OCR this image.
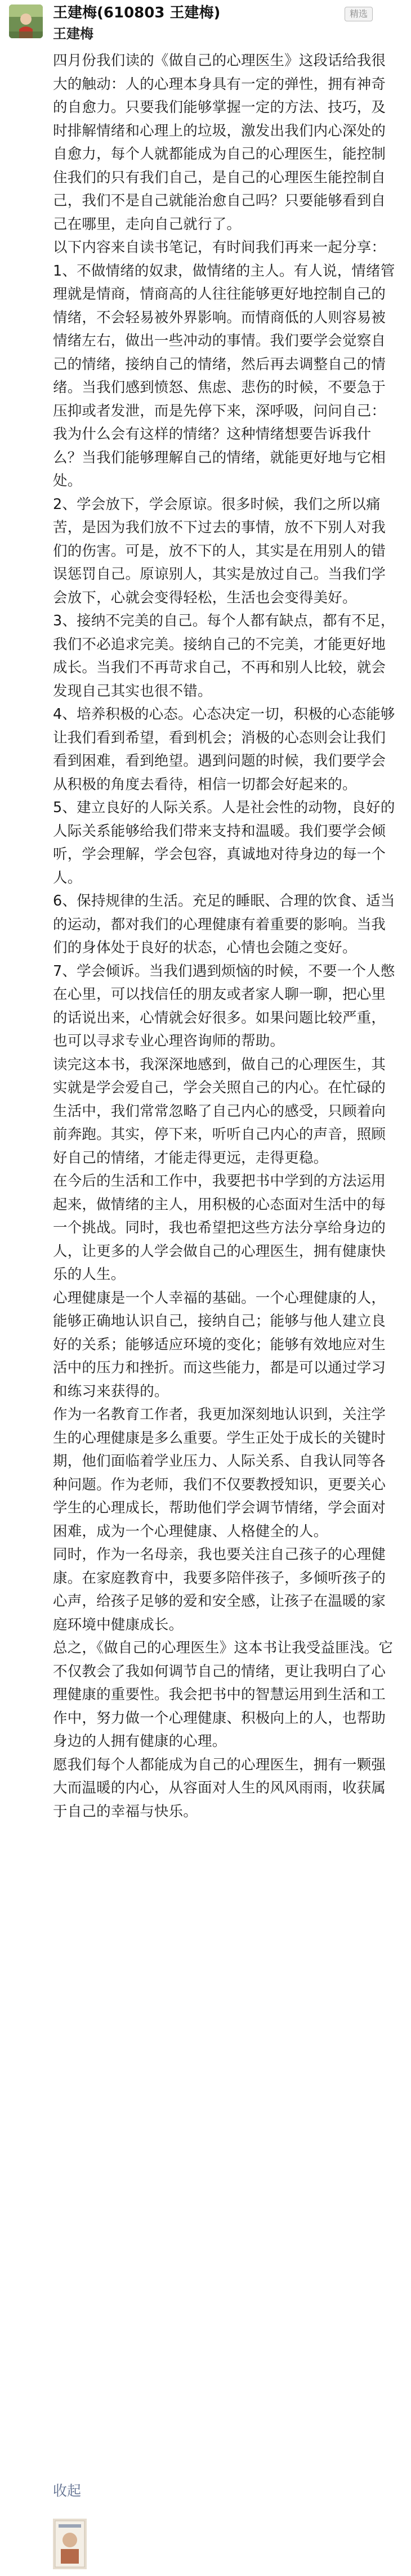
王建梅(610803 王建梅)	精选
王建梅
四月份我们读的《做自己的心理医生》这段话给我很大的触动：人的心理本身具有一定的弹性，拥有神奇的自愈力。只要我们能够掌握一定的方法、技巧，及时排解情绪和心理上的垃圾，激发出我们内心深处的自愈力，每个人就都能成为自己的心理医生，能控制住我们的只有我们自己，是自己的心理医生能控制自己，我们不是自己就能治愈自己吗？只要能够看到自己在哪里，走向自己就行了。
以下内容来自读书笔记，有时间我们再来一起分享：
1、不做情绪的奴隶，做情绪的主人。有人说，情绪管理就是情商，情商高的人往往能够更好地控制自己的情绪，不会轻易被外界影响。而情商低的人则容易被情绪左右，做出一些冲动的事情。我们要学会觉察自己的情绪，接纳自己的情绪，然后再去调整自己的情绪。当我们感到愤怒、焦虑、悲伤的时候，不要急于压抑或者发泄，而是先停下来，深呼吸，问问自己：我为什么会有这样的情绪？这种情绪想要告诉我什么？当我们能够理解自己的情绪，就能更好地与它相处。
2、学会放下，学会原谅。很多时候，我们之所以痛苦，是因为我们放不下过去的事情，放不下别人对我们的伤害。可是，放不下的人，其实是在用别人的错误惩罚自己。原谅别人，其实是放过自己。当我们学会放下，心就会变得轻松，生活也会变得美好。
3、接纳不完美的自己。每个人都有缺点，都有不足，我们不必追求完美。接纳自己的不完美，才能更好地成长。当我们不再苛求自己，不再和别人比较，就会发现自己其实也很不错。
4、培养积极的心态。心态决定一切，积极的心态能够让我们看到希望，看到机会；消极的心态则会让我们看到困难，看到绝望。遇到问题的时候，我们要学会从积极的角度去看待，相信一切都会好起来的。
5、建立良好的人际关系。人是社会性的动物，良好的人际关系能够给我们带来支持和温暖。我们要学会倾听，学会理解，学会包容，真诚地对待身边的每一个人。
6、保持规律的生活。充足的睡眠、合理的饮食、适当的运动，都对我们的心理健康有着重要的影响。当我们的身体处于良好的状态，心情也会随之变好。
7、学会倾诉。当我们遇到烦恼的时候，不要一个人憋在心里，可以找信任的朋友或者家人聊一聊，把心里的话说出来，心情就会好很多。如果问题比较严重，也可以寻求专业心理咨询师的帮助。
读完这本书，我深深地感到，做自己的心理医生，其实就是学会爱自己，学会关照自己的内心。在忙碌的生活中，我们常常忽略了自己内心的感受，只顾着向前奔跑。其实，停下来，听听自己内心的声音，照顾好自己的情绪，才能走得更远，走得更稳。
在今后的生活和工作中，我要把书中学到的方法运用起来，做情绪的主人，用积极的心态面对生活中的每一个挑战。同时，我也希望把这些方法分享给身边的人，让更多的人学会做自己的心理医生，拥有健康快乐的人生。
心理健康是一个人幸福的基础。一个心理健康的人，能够正确地认识自己，接纳自己；能够与他人建立良好的关系；能够适应环境的变化；能够有效地应对生活中的压力和挫折。而这些能力，都是可以通过学习和练习来获得的。
作为一名教育工作者，我更加深刻地认识到，关注学生的心理健康是多么重要。学生正处于成长的关键时期，他们面临着学业压力、人际关系、自我认同等各种问题。作为老师，我们不仅要教授知识，更要关心学生的心理成长，帮助他们学会调节情绪，学会面对困难，成为一个心理健康、人格健全的人。
同时，作为一名母亲，我也要关注自己孩子的心理健康。在家庭教育中，我要多陪伴孩子，多倾听孩子的心声，给孩子足够的爱和安全感，让孩子在温暖的家庭环境中健康成长。
总之，《做自己的心理医生》这本书让我受益匪浅。它不仅教会了我如何调节自己的情绪，更让我明白了心理健康的重要性。我会把书中的智慧运用到生活和工作中，努力做一个心理健康、积极向上的人，也帮助身边的人拥有健康的心理。
愿我们每个人都能成为自己的心理医生，拥有一颗强大而温暖的内心，从容面对人生的风风雨雨，收获属于自己的幸福与快乐。
收起
